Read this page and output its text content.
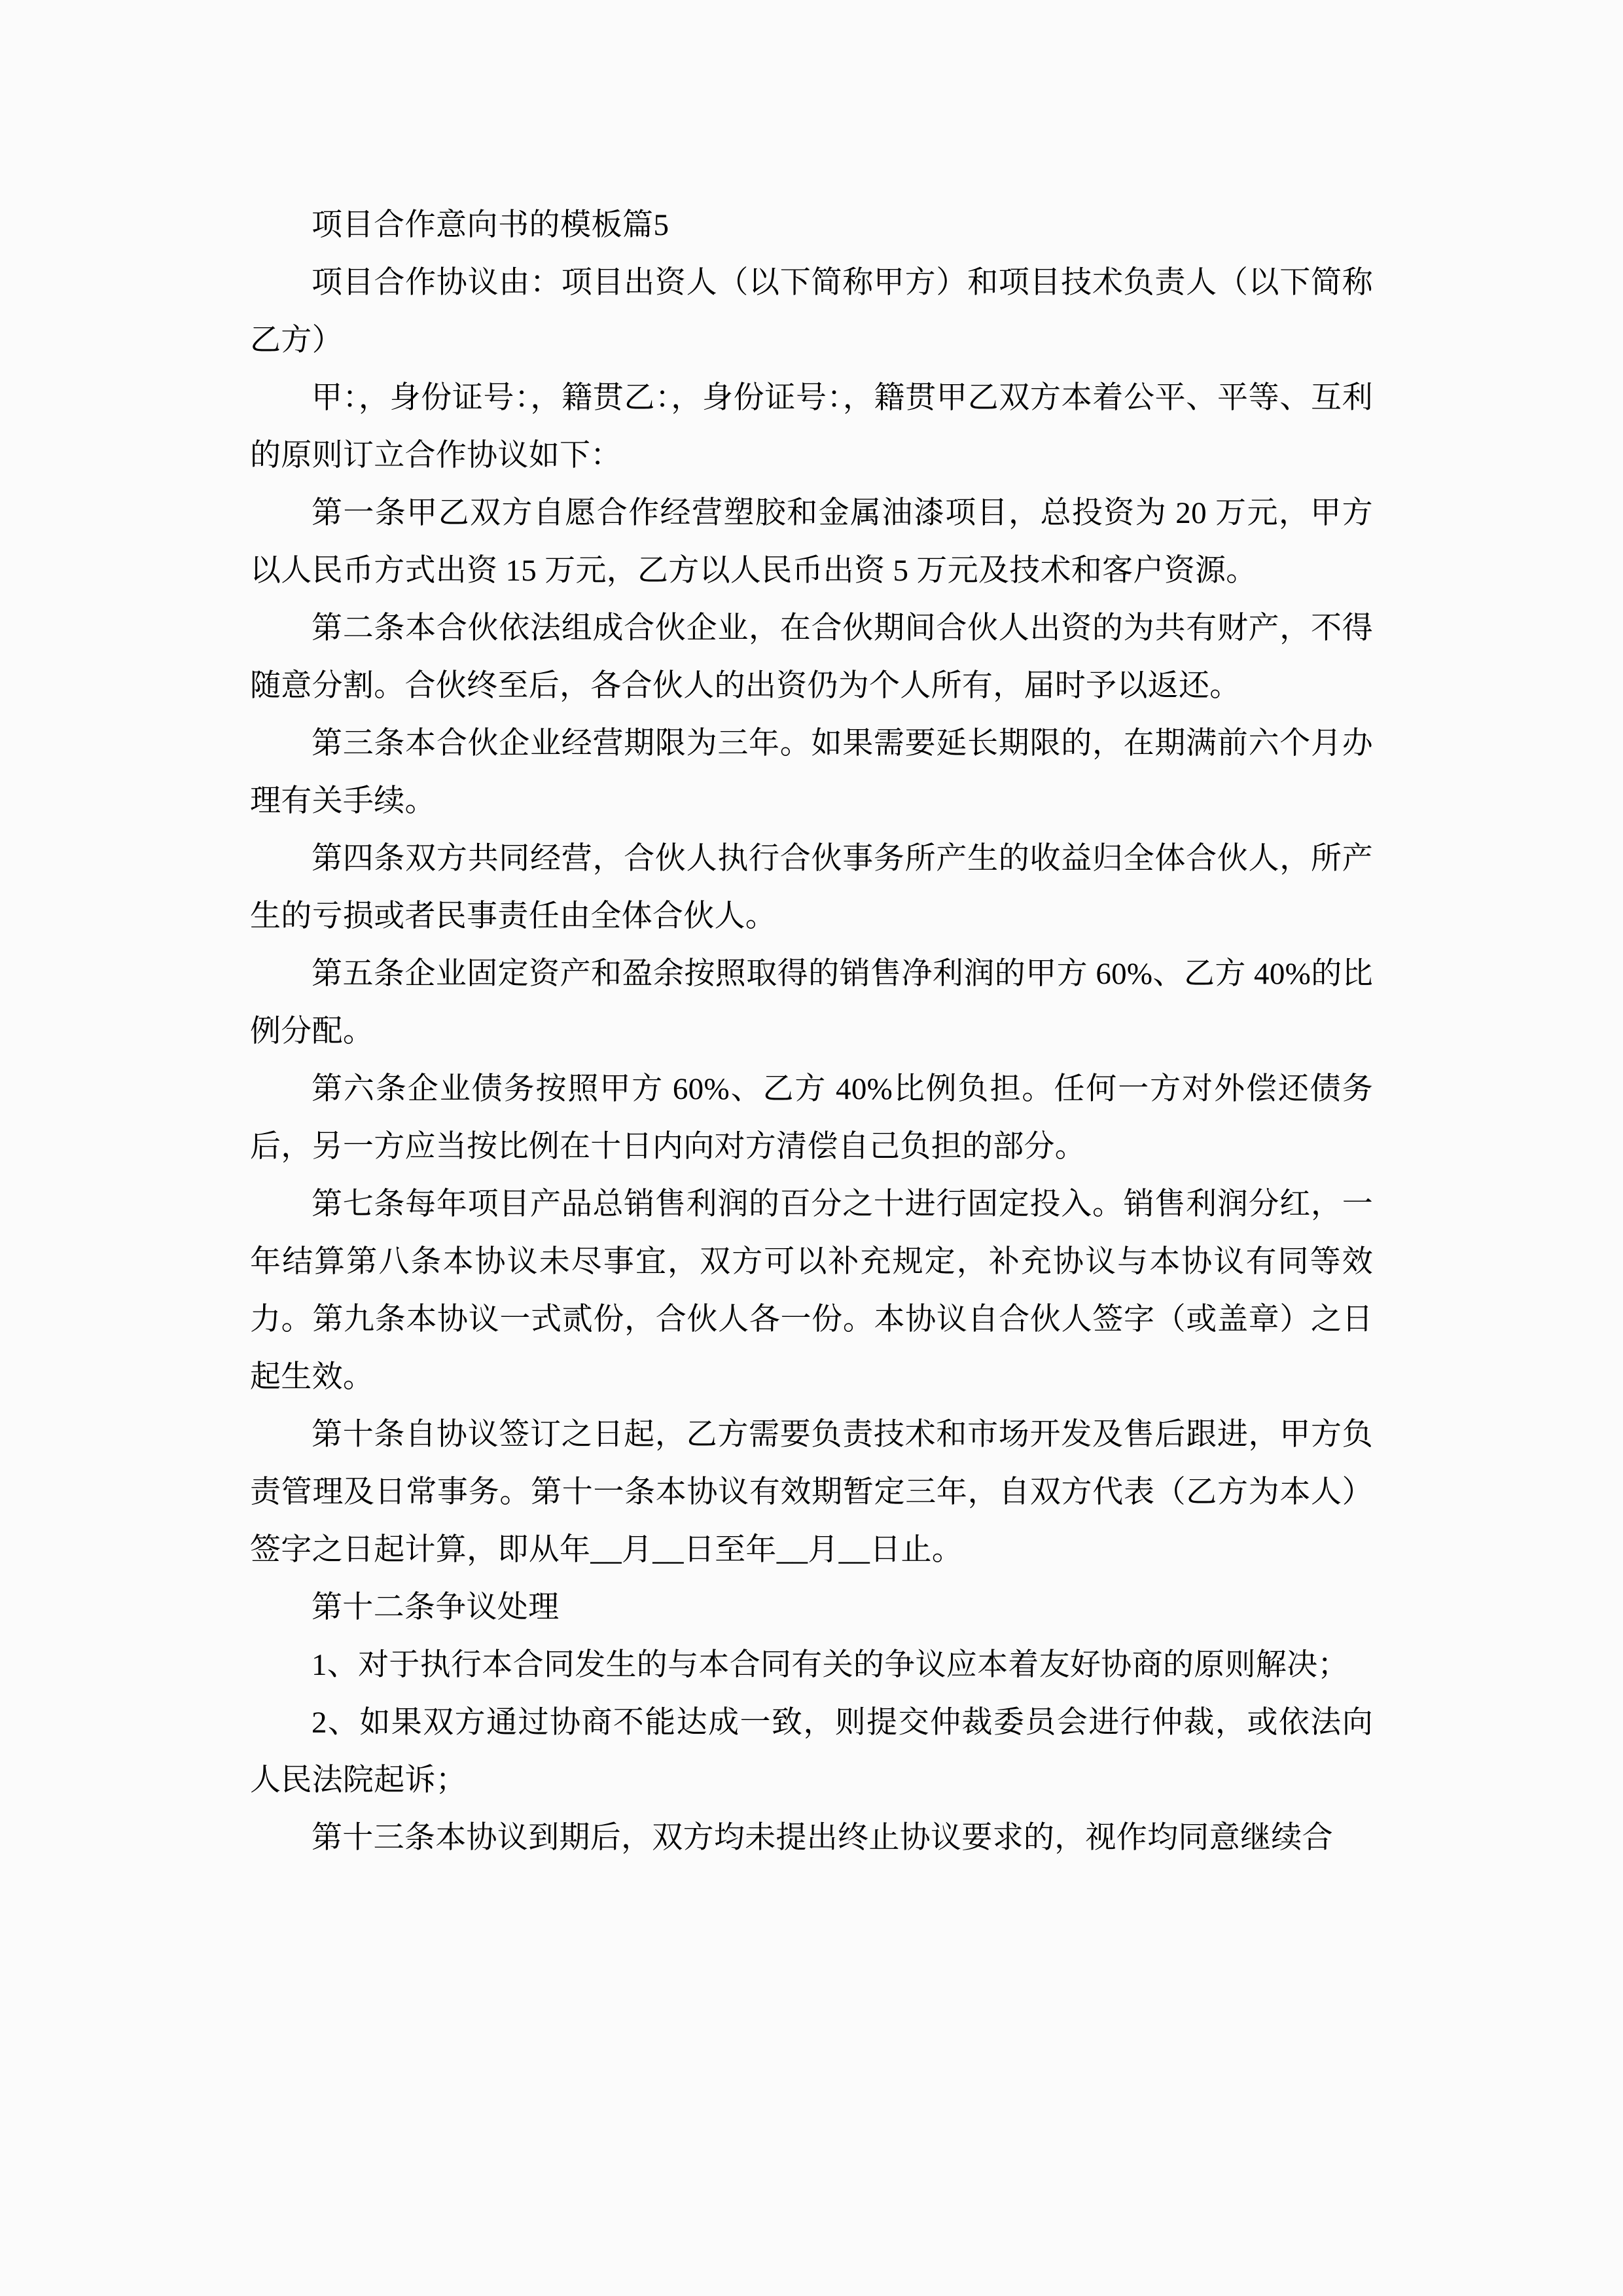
项目合作意向书的模板篇5

项目合作协议由：项目出资人（以下简称甲方）和项目技术负责人（以下简称乙方）

甲：，身份证号：，籍贯乙：，身份证号：，籍贯甲乙双方本着公平、平等、互利的原则订立合作协议如下：

第一条甲乙双方自愿合作经营塑胶和金属油漆项目，总投资为 20 万元，甲方以人民币方式出资 15 万元，乙方以人民币出资 5 万元及技术和客户资源。

第二条本合伙依法组成合伙企业，在合伙期间合伙人出资的为共有财产，不得随意分割。合伙终至后，各合伙人的出资仍为个人所有，届时予以返还。

第三条本合伙企业经营期限为三年。如果需要延长期限的，在期满前六个月办理有关手续。

第四条双方共同经营，合伙人执行合伙事务所产生的收益归全体合伙人，所产生的亏损或者民事责任由全体合伙人。

第五条企业固定资产和盈余按照取得的销售净利润的甲方 60%、乙方 40%的比例分配。

第六条企业债务按照甲方 60%、乙方 40%比例负担。任何一方对外偿还债务后，另一方应当按比例在十日内向对方清偿自己负担的部分。

第七条每年项目产品总销售利润的百分之十进行固定投入。销售利润分红，一年结算第八条本协议未尽事宜，双方可以补充规定，补充协议与本协议有同等效力。第九条本协议一式贰份，合伙人各一份。本协议自合伙人签字（或盖章）之日起生效。

第十条自协议签订之日起，乙方需要负责技术和市场开发及售后跟进，甲方负责管理及日常事务。第十一条本协议有效期暂定三年，自双方代表（乙方为本人）签字之日起计算，即从年__月__日至年__月__日止。

第十二条争议处理

1、对于执行本合同发生的与本合同有关的争议应本着友好协商的原则解决；

2、如果双方通过协商不能达成一致，则提交仲裁委员会进行仲裁，或依法向人民法院起诉；

第十三条本协议到期后，双方均未提出终止协议要求的，视作均同意继续合
